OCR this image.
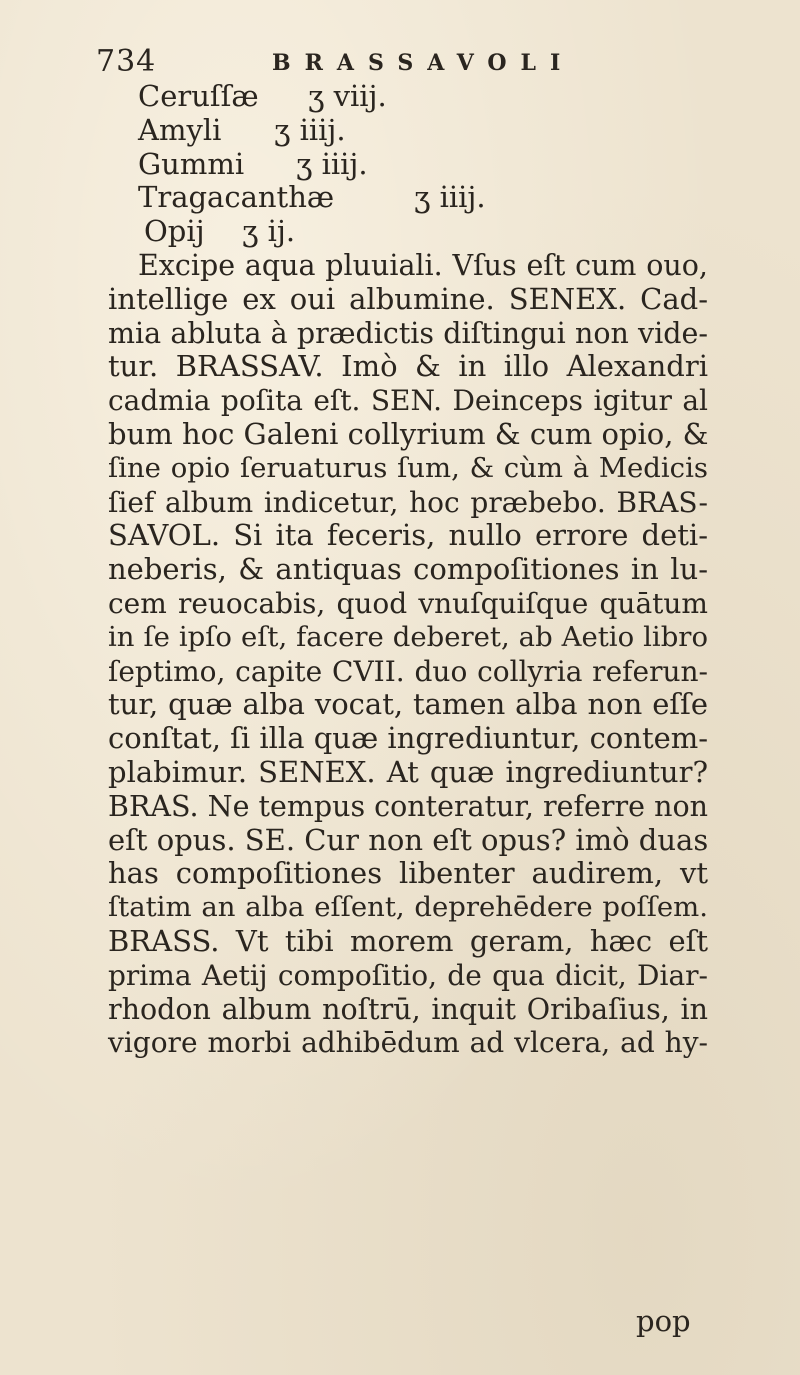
734	BRASSAVOLI
Ceruſſæ ʒ viij.
Amyli ʒ iiij.
Gummi ʒ iiij.
Tragacanthæ	ʒ iiij.
Opij ʒ ij.
Excipe aqua pluuiali. Vſus eſt cum ouo,
intellige ex oui albumine. SENEX. Cad-
mia abluta à prædictis diſtingui non vide-
tur. BRASSAV. Imò & in illo Alexandri
cadmia poſita eſt. SEN. Deinceps igitur al
bum hoc Galeni collyrium & cum opio, &
ſine opio ſeruaturus ſum, & cùm à Medicis
ſief album indicetur, hoc præbebo. BRAS-
SAVOL. Si ita feceris, nullo errore deti-
neberis, & antiquas compoſitiones in lu-
cem reuocabis, quod vnuſquiſque quātum
in ſe ipſo eſt, facere deberet, ab Aetio libro
ſeptimo, capite CVII. duo collyria referun-
tur, quæ alba vocat, tamen alba non eſſe
conſtat, ſi illa quæ ingrediuntur, contem-
plabimur. SENEX. At quæ ingrediuntur?
BRAS. Ne tempus conteratur, referre non
eſt opus. SE. Cur non eſt opus? imò duas
has compoſitiones libenter audirem, vt
ſtatim an alba eſſent, deprehēdere poſſem.
BRASS. Vt tibi morem geram, hæc eſt
prima Aetij compoſitio, de qua dicit, Diar-
rhodon album noſtrū, inquit Oribaſius, in
vigore morbi adhibēdum ad vlcera, ad hy-
pop
